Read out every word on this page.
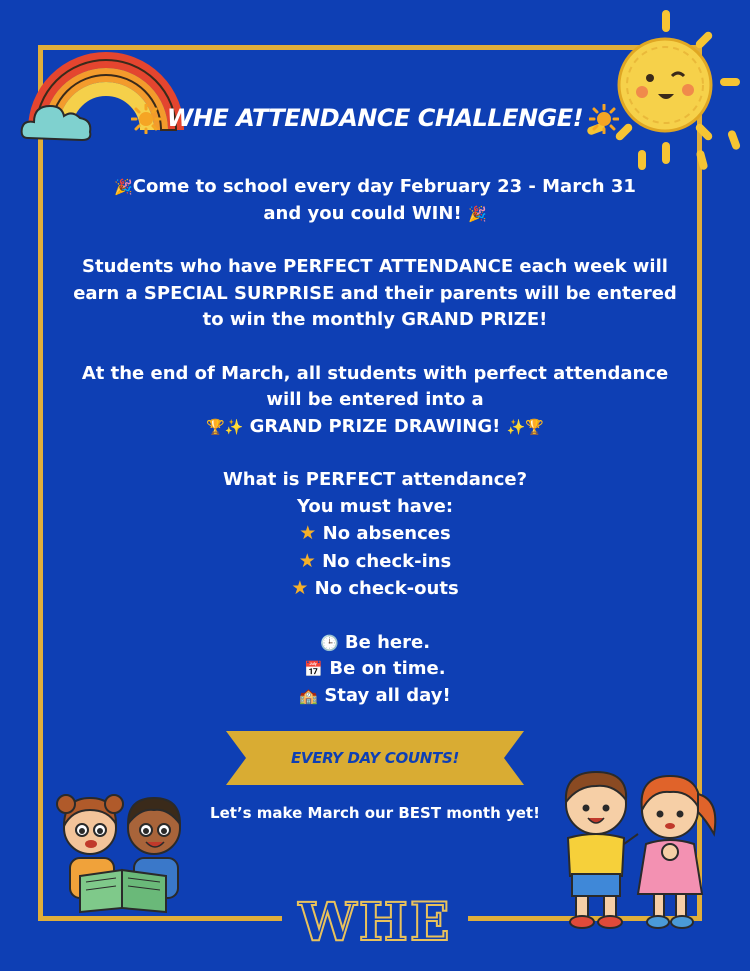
WHE ATTENDANCE CHALLENGE!

🎉Come to school every day February 23 - March 31

and you could WIN! 🎉

Students who have PERFECT ATTENDANCE each week will

earn a SPECIAL SURPRISE and their parents will be entered

to win the monthly GRAND PRIZE!

At the end of March, all students with perfect attendance

will be entered into a

🏆✨ GRAND PRIZE DRAWING! ✨🏆

What is PERFECT attendance?

You must have:

★ No absences

★ No check-ins

★ No check-outs

🕒 Be here.

📅 Be on time.

🏫 Stay all day!

EVERY DAY COUNTS!
Let’s make March our BEST month yet!
WHE
